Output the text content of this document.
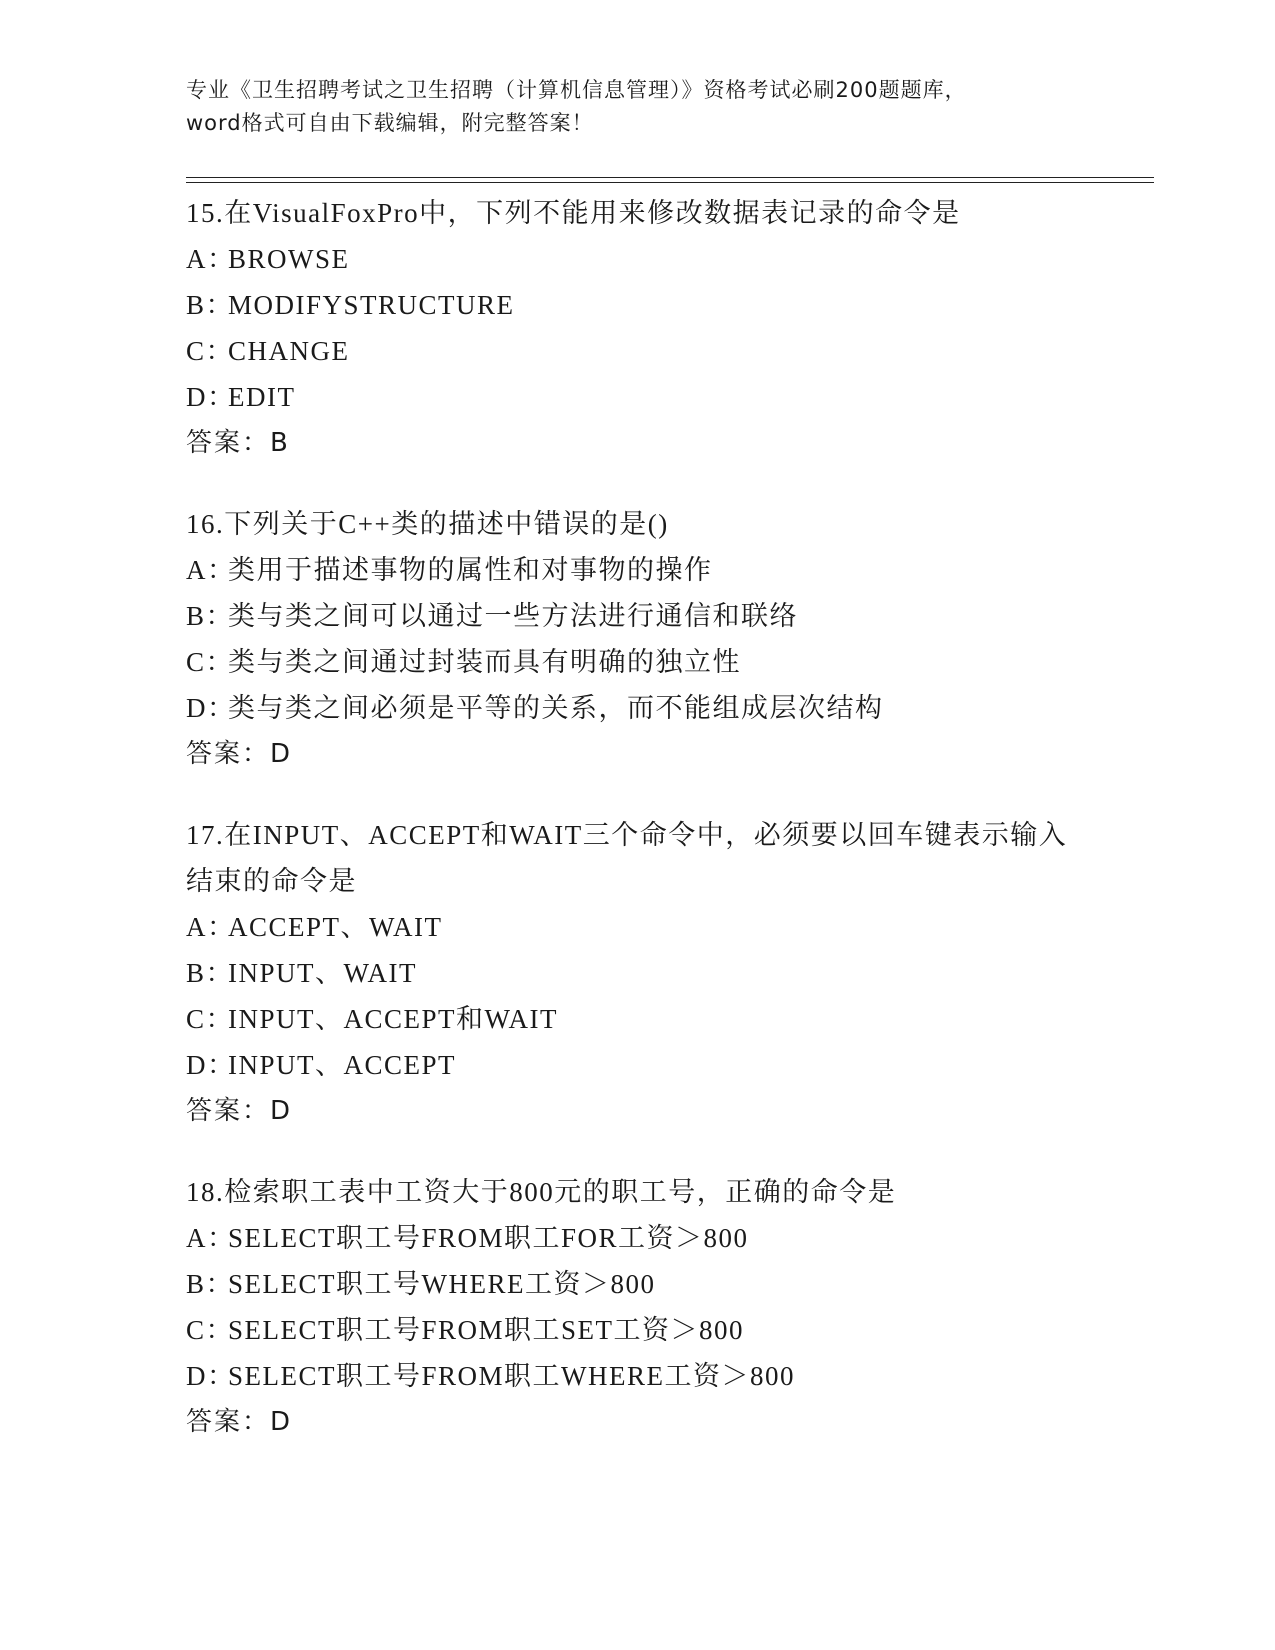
专业《卫生招聘考试之卫生招聘（计算机信息管理）》资格考试必刷200题题库，
word格式可自由下载编辑，附完整答案！
15.在VisualFoxPro中，下列不能用来修改数据表记录的命令是
A：
BROWSE
B：
MODIFYSTRUCTURE
C：
CHANGE
D：
EDIT
答案：B
16.下列关于C++类的描述中错误的是()
A：
类用于描述事物的属性和对事物的操作
B：
类与类之间可以通过一些方法进行通信和联络
C：
类与类之间通过封装而具有明确的独立性
D：
类与类之间必须是平等的关系，而不能组成层次结构
答案：D
17.在INPUT、ACCEPT和WAIT三个命令中，必须要以回车键表示输入
结束的命令是
A：
ACCEPT、WAIT
B：
INPUT、WAIT
C：
INPUT、ACCEPT和WAIT
D：
INPUT、ACCEPT
答案：D
18.检索职工表中工资大于800元的职工号，正确的命令是
A：
SELECT职工号FROM职工FOR工资＞800
B：
SELECT职工号WHERE工资＞800
C：
SELECT职工号FROM职工SET工资＞800
D：
SELECT职工号FROM职工WHERE工资＞800
答案：D
